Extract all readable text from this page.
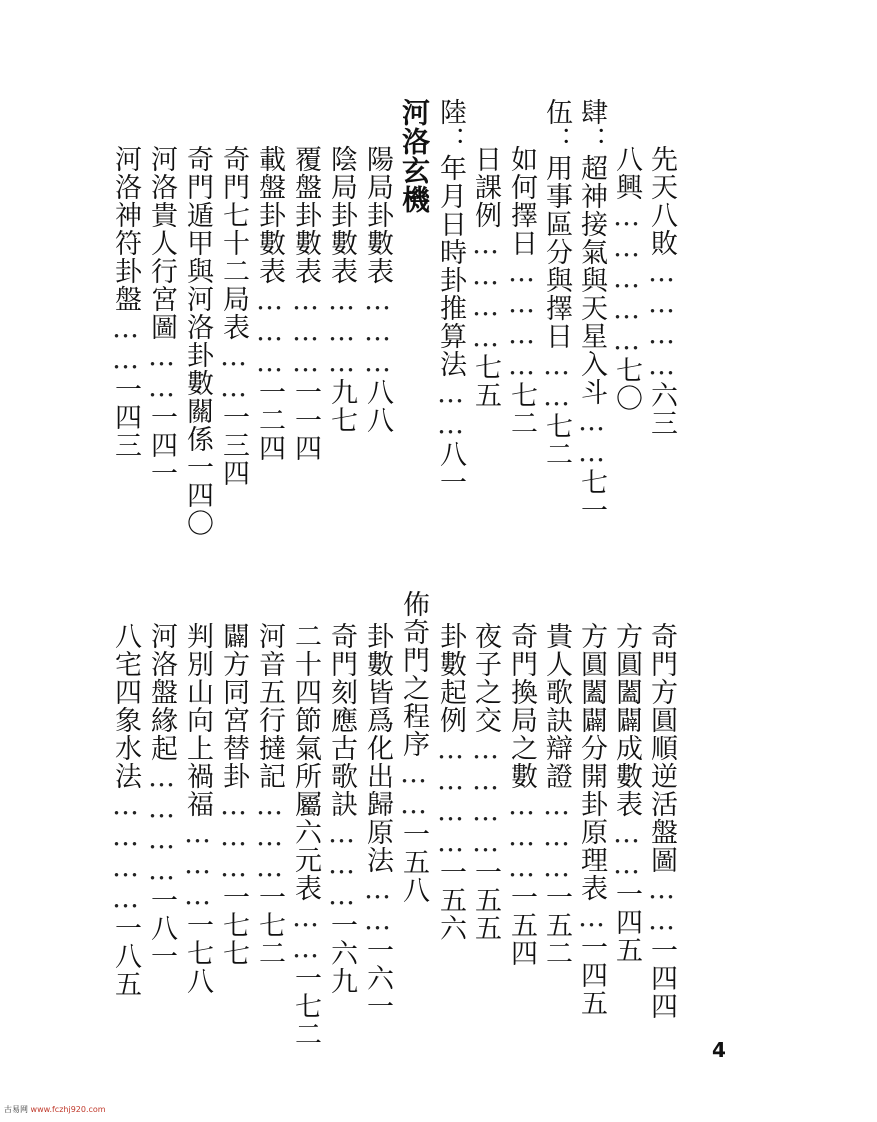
先天八敗…………六三
八興……………七〇
肆：超神接氣與天星入斗……七一
伍：用事區分與擇日……七二
如何擇日…………七二
日課例…………七五
陸：年月日時卦推算法……八一
河洛玄機
陽局卦數表………八八
陰局卦數表………九七
覆盤卦數表………一一四
載盤卦數表………一二四
奇門七十二局表……一三四
奇門遁甲與河洛卦數關係一四〇
河洛貴人行宮圖……一四一
河洛神符卦盤……一四三
奇門方圓順逆活盤圖……一四四
方圓闔闢成數表……一四五
方圓闔闢分開卦原理表…一四五
貴人歌訣辯證………一五二
奇門換局之數………一五四
夜子之交…………一五五
卦數起例…………一五六
佈奇門之程序……一五八
卦數皆爲化出歸原法……一六一
奇門刻應古歌訣………一六九
二十四節氣所屬六元表……一七二
河音五行撻記………一七二
闢方同宮替卦………一七七
判別山向上禍福………一七八
河洛盤緣起…………一八一
八宅四象水法…………一八五
4
古易网 www.fczhj920.com
